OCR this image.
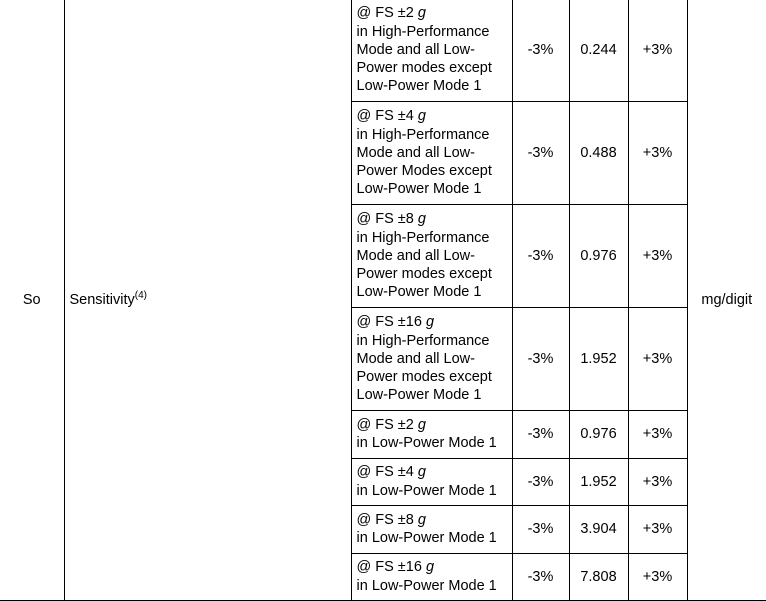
So	Sensitivity$^{(4)}$	@ FS ±2 g
in High-Performance Mode and all Low-Power modes except Low-Power Mode 1	-3%	0.244	+3%	mg/digit

		@ FS ±4 g
in High-Performance Mode and all Low-Power Modes except Low-Power Mode 1	-3%	0.488	+3%	

		@ FS ±8 g
in High-Performance Mode and all Low-Power modes except Low-Power Mode 1	-3%	0.976	+3%	

		@ FS ±16 g
in High-Performance Mode and all Low-Power modes except Low-Power Mode 1	-3%	1.952	+3%	

		@ FS ±2 g
in Low-Power Mode 1	-3%	0.976	+3%	

		@ FS ±4 g
in Low-Power Mode 1	-3%	1.952	+3%	

		@ FS ±8 g
in Low-Power Mode 1	-3%	3.904	+3%	

		@ FS ±16 g
in Low-Power Mode 1	-3%	7.808	+3%	
